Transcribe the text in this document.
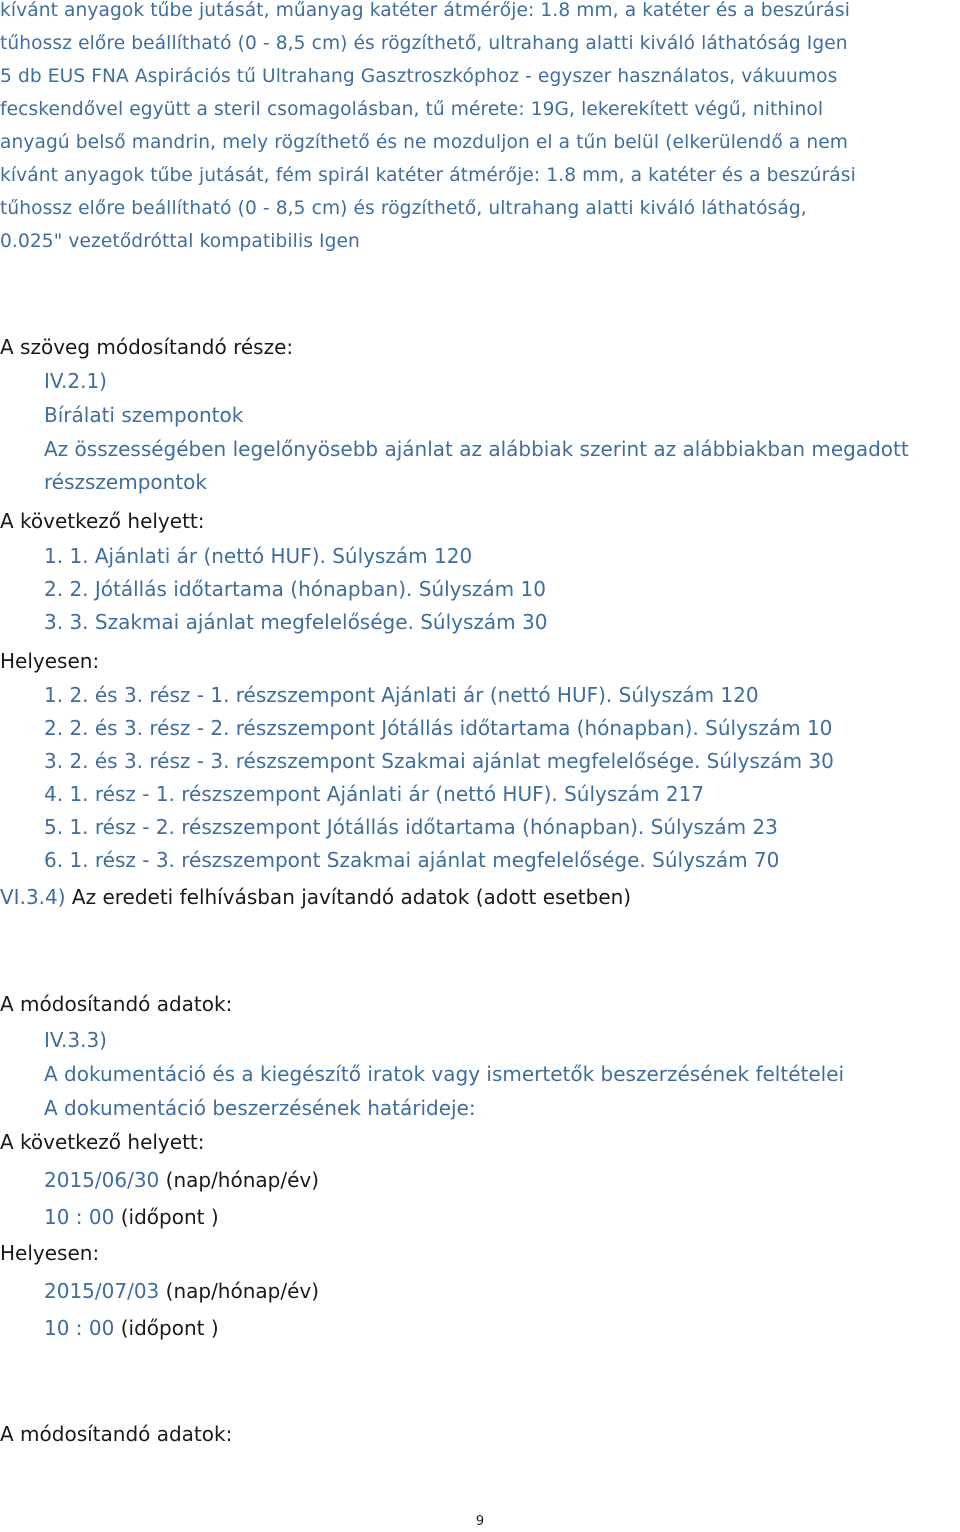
kívánt anyagok tűbe jutását, műanyag katéter átmérője: 1.8 mm, a katéter és a beszúrási

tűhossz előre beállítható (0 - 8,5 cm) és rögzíthető, ultrahang alatti kiváló láthatóság Igen

5 db EUS FNA Aspirációs tű Ultrahang Gasztroszkóphoz - egyszer használatos, vákuumos

fecskendővel együtt a steril csomagolásban, tű mérete: 19G, lekerekített végű, nithinol

anyagú belső mandrin, mely rögzíthető és ne mozduljon el a tűn belül (elkerülendő a nem

kívánt anyagok tűbe jutását, fém spirál katéter átmérője: 1.8 mm, a katéter és a beszúrási

tűhossz előre beállítható (0 - 8,5 cm) és rögzíthető, ultrahang alatti kiváló láthatóság,

0.025" vezetődróttal kompatibilis Igen

A szöveg módosítandó része:
IV.2.1)
Bírálati szempontok
Az összességében legelőnyösebb ajánlat az alábbiak szerint az alábbiakban megadott
részszempontok
A következő helyett:
1. 1. Ajánlati ár (nettó HUF). Súlyszám 120
2. 2. Jótállás időtartama (hónapban). Súlyszám 10
3. 3. Szakmai ajánlat megfelelősége. Súlyszám 30
Helyesen:
1. 2. és 3. rész - 1. részszempont Ajánlati ár (nettó HUF). Súlyszám 120
2. 2. és 3. rész - 2. részszempont Jótállás időtartama (hónapban). Súlyszám 10
3. 2. és 3. rész - 3. részszempont Szakmai ajánlat megfelelősége. Súlyszám 30
4. 1. rész - 1. részszempont Ajánlati ár (nettó HUF). Súlyszám 217
5. 1. rész - 2. részszempont Jótállás időtartama (hónapban). Súlyszám 23
6. 1. rész - 3. részszempont Szakmai ajánlat megfelelősége. Súlyszám 70
VI.3.4) Az eredeti felhívásban javítandó adatok (adott esetben)
A módosítandó adatok:
IV.3.3)
A dokumentáció és a kiegészítő iratok vagy ismertetők beszerzésének feltételei
A dokumentáció beszerzésének határideje:
A következő helyett:
2015/06/30 (nap/hónap/év)
10 : 00 (időpont )
Helyesen:
2015/07/03 (nap/hónap/év)
10 : 00 (időpont )
A módosítandó adatok:
9
